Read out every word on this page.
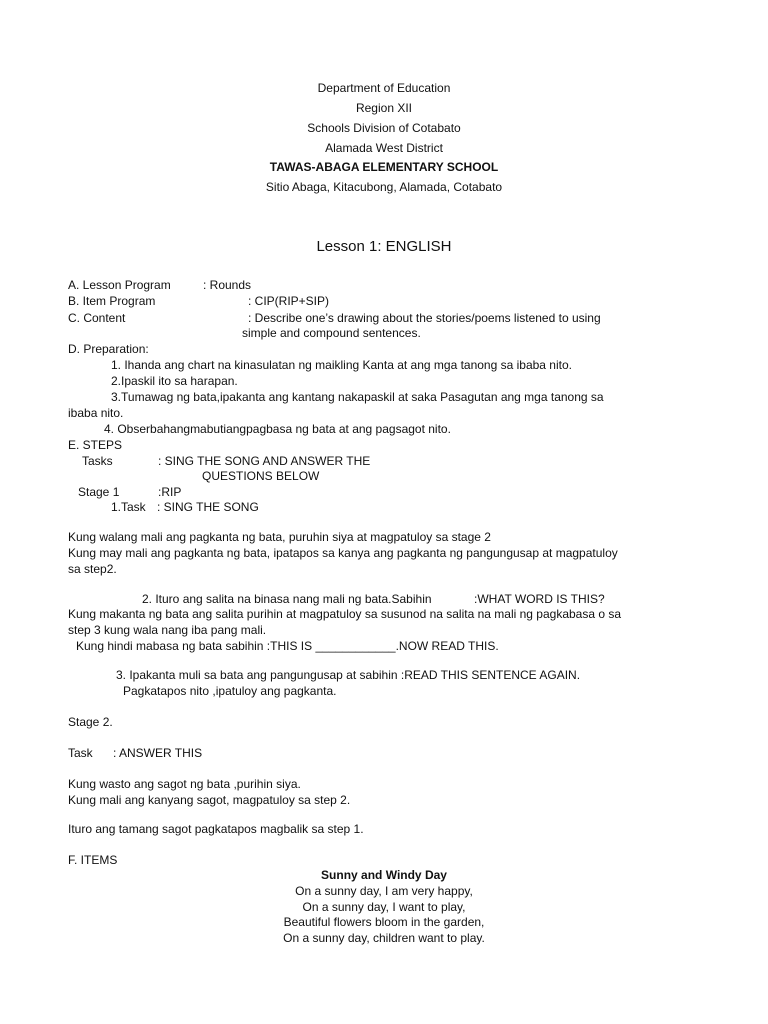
Department of Education
Region XII
Schools Division of Cotabato
Alamada West District
TAWAS-ABAGA ELEMENTARY SCHOOL
Sitio Abaga, Kitacubong, Alamada, Cotabato
Lesson 1: ENGLISH
A. Lesson Program	: Rounds
B. Item Program	: CIP(RIP+SIP)
C. Content	: Describe one’s drawing about the stories/poems listened to using
simple and compound sentences.
D. Preparation:
1. Ihanda ang chart na kinasulatan ng maikling Kanta at ang mga tanong sa ibaba nito.
2.Ipaskil ito sa harapan.
3.Tumawag ng bata,ipakanta ang kantang nakapaskil at saka Pasagutan ang mga tanong sa
ibaba nito.
4. Obserbahangmabutiangpagbasa ng bata at ang pagsagot nito.
E. STEPS
Tasks	: SING THE SONG AND ANSWER THE
QUESTIONS BELOW
Stage 1	:RIP
1.Task : SING THE SONG
Kung walang mali ang pagkanta ng bata, puruhin siya at magpatuloy sa stage 2
Kung may mali ang pagkanta ng bata, ipatapos sa kanya ang pagkanta ng pangungusap at magpatuloy
sa step2.
2. Ituro ang salita na binasa nang mali ng bata.Sabihin	:WHAT WORD IS THIS?
Kung makanta ng bata ang salita purihin at magpatuloy sa susunod na salita na mali ng pagkabasa o sa
step 3 kung wala nang iba pang mali.
Kung hindi mabasa ng bata sabihin :THIS IS ____________.NOW READ THIS.
3. Ipakanta muli sa bata ang pangungusap at sabihin :READ THIS SENTENCE AGAIN.
Pagkatapos nito ,ipatuloy ang pagkanta.
Stage 2.
Task : ANSWER THIS
Kung wasto ang sagot ng bata ,purihin siya.
Kung mali ang kanyang sagot, magpatuloy sa step 2.
Ituro ang tamang sagot pagkatapos magbalik sa step 1.
F. ITEMS
Sunny and Windy Day
On a sunny day, I am very happy,
On a sunny day, I want to play,
Beautiful flowers bloom in the garden,
On a sunny day, children want to play.
